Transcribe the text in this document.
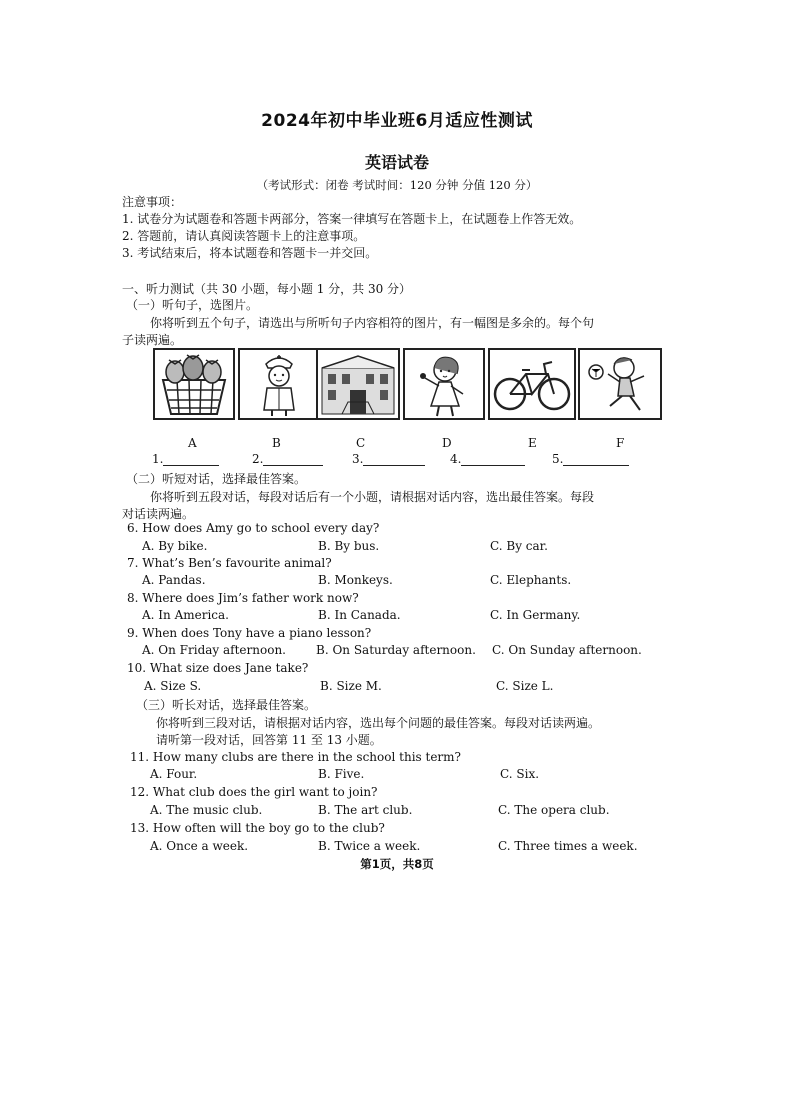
2024年初中毕业班6月适应性测试
英语试卷
（考试形式：闭卷 考试时间：120 分钟 分值 120 分）
注意事项：
1. 试卷分为试题卷和答题卡两部分，答案一律填写在答题卡上，在试题卷上作答无效。
2. 答题前，请认真阅读答题卡上的注意事项。
3. 考试结束后，将本试题卷和答题卡一并交回。
一、听力测试（共 30 小题，每小题 1 分，共 30 分）
（一）听句子，选图片。
你将听到五个句子，请选出与所听句子内容相符的图片，有一幅图是多余的。每个句
子读两遍。
A	B	C	D	E	F
1.	2.	3.	4.	5.
（二）听短对话，选择最佳答案。
你将听到五段对话，每段对话后有一个小题，请根据对话内容，选出最佳答案。每段
对话读两遍。
6. How does Amy go to school every day?
A. By bike.	B. By bus.	C. By car.
7. What’s Ben’s favourite animal?
A. Pandas.	B. Monkeys.	C. Elephants.
8. Where does Jim’s father work now?
A. In America.	B. In Canada.	C. In Germany.
9. When does Tony have a piano lesson?
A. On Friday afternoon.	B. On Saturday afternoon. C. On Sunday afternoon.
10. What size does Jane take?
A. Size S.	B. Size M.	C. Size L.
（三）听长对话，选择最佳答案。
你将听到三段对话，请根据对话内容，选出每个问题的最佳答案。每段对话读两遍。
请听第一段对话，回答第 11 至 13 小题。
11. How many clubs are there in the school this term?
A. Four.	B. Five.	C. Six.
12. What club does the girl want to join?
A. The music club.	B. The art club.	C. The opera club.
13. How often will the boy go to the club?
A. Once a week.	B. Twice a week.	C. Three times a week.
第1页，共8页
